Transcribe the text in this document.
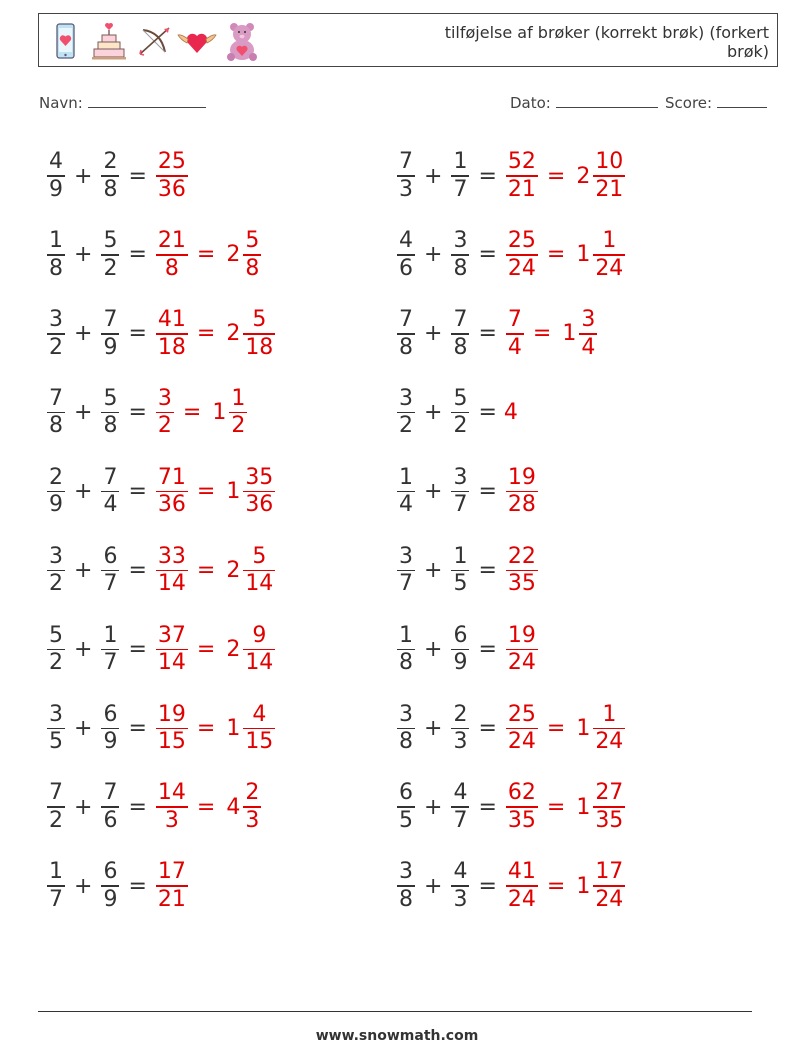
tilføjelse af brøker (korrekt brøk) (forkert brøk)
Navn:	Dato:	Score:
$\frac{4}{9} + \frac{2}{8} = \frac{25}{36}$	$\frac{7}{3} + \frac{1}{7} = \frac{52}{21} = 2 \frac{10}{21}$
$\frac{1}{8} + \frac{5}{2} = \frac{21}{8} = 2 \frac{5}{8}$	$\frac{4}{6} + \frac{3}{8} = \frac{25}{24} = 1 \frac{1}{24}$
$\frac{3}{2} + \frac{7}{9} = \frac{41}{18} = 2 \frac{5}{18}$	$\frac{7}{8} + \frac{7}{8} = \frac{7}{4} = 1 \frac{3}{4}$
$\frac{7}{8} + \frac{5}{8} = \frac{3}{2} = 1 \frac{1}{2}$	$\frac{3}{2} + \frac{5}{2} = 4$
$\frac{2}{9} + \frac{7}{4} = \frac{71}{36} = 1 \frac{35}{36}$	$\frac{1}{4} + \frac{3}{7} = \frac{19}{28}$
$\frac{3}{2} + \frac{6}{7} = \frac{33}{14} = 2 \frac{5}{14}$	$\frac{3}{7} + \frac{1}{5} = \frac{22}{35}$
$\frac{5}{2} + \frac{1}{7} = \frac{37}{14} = 2 \frac{9}{14}$	$\frac{1}{8} + \frac{6}{9} = \frac{19}{24}$
$\frac{3}{5} + \frac{6}{9} = \frac{19}{15} = 1 \frac{4}{15}$	$\frac{3}{8} + \frac{2}{3} = \frac{25}{24} = 1 \frac{1}{24}$
$\frac{7}{2} + \frac{7}{6} = \frac{14}{3} = 4 \frac{2}{3}$	$\frac{6}{5} + \frac{4}{7} = \frac{62}{35} = 1 \frac{27}{35}$
$\frac{1}{7} + \frac{6}{9} = \frac{17}{21}$	$\frac{3}{8} + \frac{4}{3} = \frac{41}{24} = 1 \frac{17}{24}$
www.snowmath.com
